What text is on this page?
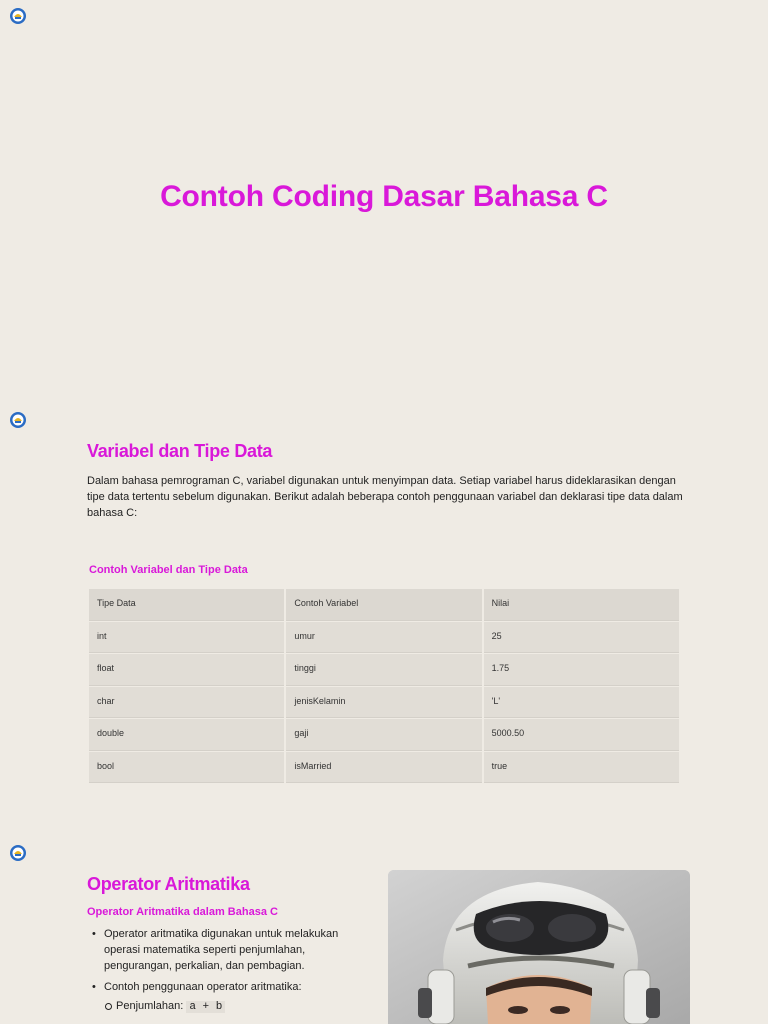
Contoh Coding Dasar Bahasa C
Variabel dan Tipe Data

Dalam bahasa pemrograman C, variabel digunakan untuk menyimpan data. Setiap variabel harus dideklarasikan dengan tipe data tertentu sebelum digunakan. Berikut adalah beberapa contoh penggunaan variabel dan deklarasi tipe data dalam bahasa C:

Contoh Variabel dan Tipe Data
Tipe Data	Contoh Variabel	Nilai
int	umur	25
float	tinggi	1.75
char	jenisKelamin	'L'
double	gaji	5000.50
bool	isMarried	true
Operator Aritmatika
Operator Aritmatika dalam Bahasa C
• Operator aritmatika digunakan untuk melakukan operasi matematika seperti penjumlahan, pengurangan, perkalian, dan pembagian.
• Contoh penggunaan operator aritmatika:
Penjumlahan: a + b
